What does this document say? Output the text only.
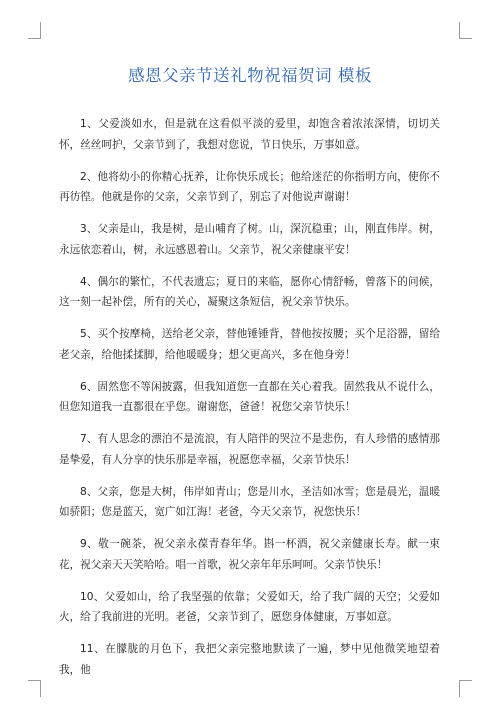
感恩父亲节送礼物祝福贺词 模板

1、父爱淡如水，但是就在这看似平淡的爱里，却饱含着浓浓深情，切切关怀，丝丝呵护，父亲节到了，我想对您说，节日快乐，万事如意。

2、他将幼小的你精心抚养，让你快乐成长；他给迷茫的你指明方向，使你不再彷徨。他就是你的父亲，父亲节到了，别忘了对他说声谢谢！

3、父亲是山，我是树，是山哺育了树。山，深沉稳重；山，刚直伟岸。树，永远依恋着山，树，永远感恩着山。父亲节，祝父亲健康平安！

4、偶尔的繁忙，不代表遗忘；夏日的来临，愿你心情舒畅，曾落下的问候，这一刻一起补偿，所有的关心，凝聚这条短信，祝父亲节快乐。

5、买个按摩椅，送给老父亲，替他锤锤背，替他按按腰；买个足浴器，留给老父亲，给他揉揉脚，给他暖暖身；想父更高兴，多在他身旁！

6、固然您不等闲披露，但我知道您一直都在关心着我。固然我从不说什么，但您知道我一直都很在乎您。谢谢您，爸爸！祝您父亲节快乐！

7、有人思念的漂泊不是流浪，有人陪伴的哭泣不是悲伤，有人珍惜的感情那是挚爱，有人分享的快乐那是幸福，祝愿您幸福，父亲节快乐！

8、父亲，您是大树，伟岸如青山；您是川水，圣洁如冰雪；您是晨光，温暖如骄阳；您是蓝天，宽广如江海！老爸，今天父亲节，祝您快乐！

9、敬一碗茶，祝父亲永葆青春年华。斟一杯酒，祝父亲健康长寿。献一束花，祝父亲天天笑哈哈。唱一首歌，祝父亲年年乐呵呵。父亲节快乐！

10、父爱如山，给了我坚强的依靠；父爱如天，给了我广阔的天空；父爱如火，给了我前进的光明。老爸，父亲节到了，愿您身体健康，万事如意。

11、在朦胧的月色下，我把父亲完整地默读了一遍，梦中见他微笑地望着我，他
